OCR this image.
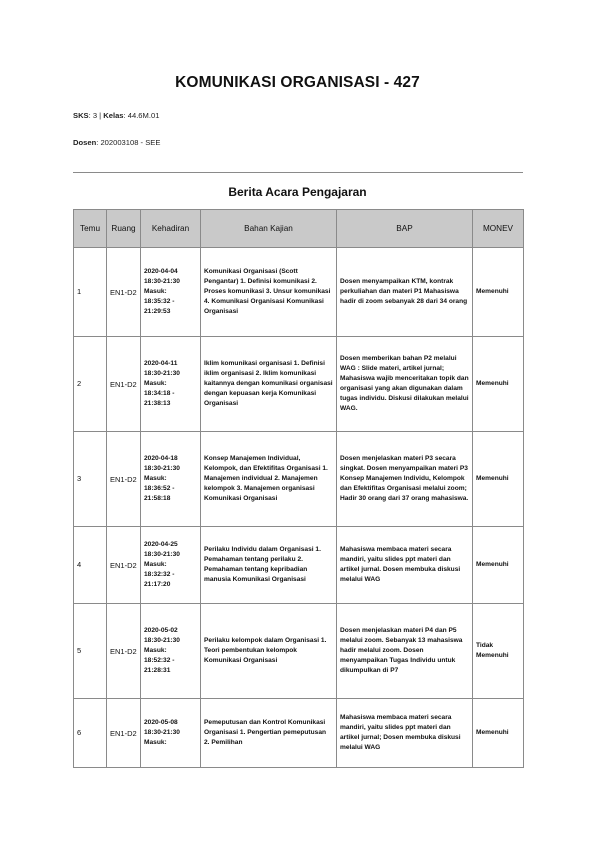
KOMUNIKASI ORGANISASI - 427
SKS: 3 | Kelas: 44.6M.01
Dosen: 202003108 - SEE
Berita Acara Pengajaran
Temu	Ruang	Kehadiran	Bahan Kajian	BAP	MONEV
1	EN1-D2	2020-04-04
18:30-21:30
Masuk:
18:35:32 -
21:29:53	Komunikasi Organisasi (Scott Pengantar) 1. Definisi komunikasi 2. Proses komunikasi 3. Unsur komunikasi 4. Komunikasi Organisasi Komunikasi Organisasi	Dosen menyampaikan KTM, kontrak perkuliahan dan materi P1 Mahasiswa hadir di zoom sebanyak 28 dari 34 orang	Memenuhi
2	EN1-D2	2020-04-11
18:30-21:30
Masuk:
18:34:18 -
21:38:13	Iklim komunikasi organisasi 1. Definisi iklim organisasi 2. Iklim komunikasi kaitannya dengan komunikasi organisasi dengan kepuasan kerja Komunikasi Organisasi	Dosen memberikan bahan P2 melalui WAG : Slide materi, artikel jurnal; Mahasiswa wajib menceritakan topik dan organisasi yang akan digunakan dalam tugas individu. Diskusi dilakukan melalui WAG.	Memenuhi
3	EN1-D2	2020-04-18
18:30-21:30
Masuk:
18:36:52 -
21:58:18	Konsep Manajemen Individual, Kelompok, dan Efektifitas Organisasi 1. Manajemen individual 2. Manajemen kelompok 3. Manajemen organisasi Komunikasi Organisasi	Dosen menjelaskan materi P3 secara singkat. Dosen menyampaikan materi P3 Konsep Manajemen Individu, Kelompok dan Efektifitas Organisasi melalui zoom; Hadir 30 orang dari 37 orang mahasiswa.	Memenuhi
4	EN1-D2	2020-04-25
18:30-21:30
Masuk:
18:32:32 -
21:17:20	Perilaku Individu dalam Organisasi 1. Pemahaman tentang perilaku 2. Pemahaman tentang kepribadian manusia Komunikasi Organisasi	Mahasiswa membaca materi secara mandiri, yaitu slides ppt materi dan artikel jurnal. Dosen membuka diskusi melalui WAG	Memenuhi
5	EN1-D2	2020-05-02
18:30-21:30
Masuk:
18:52:32 -
21:28:31	Perilaku kelompok dalam Organisasi 1. Teori pembentukan kelompok Komunikasi Organisasi	Dosen menjelaskan materi P4 dan P5 melalui zoom. Sebanyak 13 mahasiswa hadir melalui zoom. Dosen menyampaikan Tugas Individu untuk dikumpulkan di P7	Tidak Memenuhi
6	EN1-D2	2020-05-08
18:30-21:30
Masuk:	Pemeputusan dan Kontrol Komunikasi Organisasi 1. Pengertian pemeputusan 2. Pemilihan	Mahasiswa membaca materi secara mandiri, yaitu slides ppt materi dan artikel jurnal; Dosen membuka diskusi melalui WAG	Memenuhi
